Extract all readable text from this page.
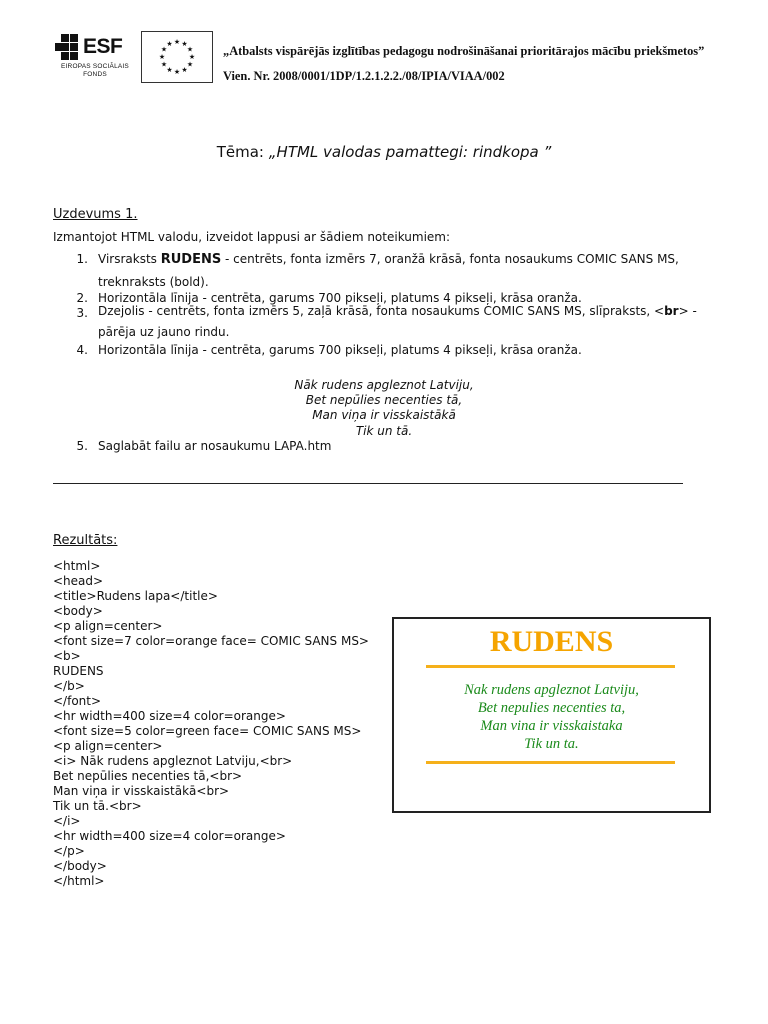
ESF
EIROPAS SOCIĀLAIS
FONDS
★ ★
★
★
★
★
★
★
★
★
★
★	„Atbalsts vispārējās izglītības pedagogu nodrošināšanai prioritārajos mācību priekšmetos”
Vien. Nr. 2008/0001/1DP/1.2.1.2.2./08/IPIA/VIAA/002
Tēma: „HTML valodas pamattegi: rindkopa ”
Uzdevums 1.
Izmantojot HTML valodu, izveidot lappusi ar šādiem noteikumiem:
1. Virsraksts RUDENS - centrēts, fonta izmērs 7, oranžā krāsā, fonta nosaukums COMIC SANS MS, treknraksts (bold).
2. Horizontāla līnija - centrēta, garums 700 pikseļi, platums 4 pikseļi, krāsa oranža.
3. Dzejolis - centrēts, fonta izmērs 5, zaļā krāsā, fonta nosaukums COMIC SANS MS, slīpraksts, <br> - pārēja uz jauno rindu.
4. Horizontāla līnija - centrēta, garums 700 pikseļi, platums 4 pikseļi, krāsa oranža.
Nāk rudens apgleznot Latviju,
Bet nepūlies necenties tā,
Man viņa ir visskaistākā
Tik un tā.
5. Saglabāt failu ar nosaukumu LAPA.htm
Rezultāts:
<html>
<head>
<title>Rudens lapa</title>
<body>
<p align=center>
<font size=7 color=orange face= COMIC SANS MS>
<b>
RUDENS
</b>
</font>
<hr width=400 size=4 color=orange>
<font size=5 color=green face= COMIC SANS MS>
<p align=center>
<i> Nāk rudens apgleznot Latviju,<br>
Bet nepūlies necenties tā,<br>
Man viņa ir visskaistākā<br>
Tik un tā.<br>
</i>
<hr width=400 size=4 color=orange>
</p>
</body>
</html>
RUDENS
Nak rudens apgleznot Latviju,
Bet nepulies necenties ta,
Man vina ir visskaistaka
Tik un ta.
